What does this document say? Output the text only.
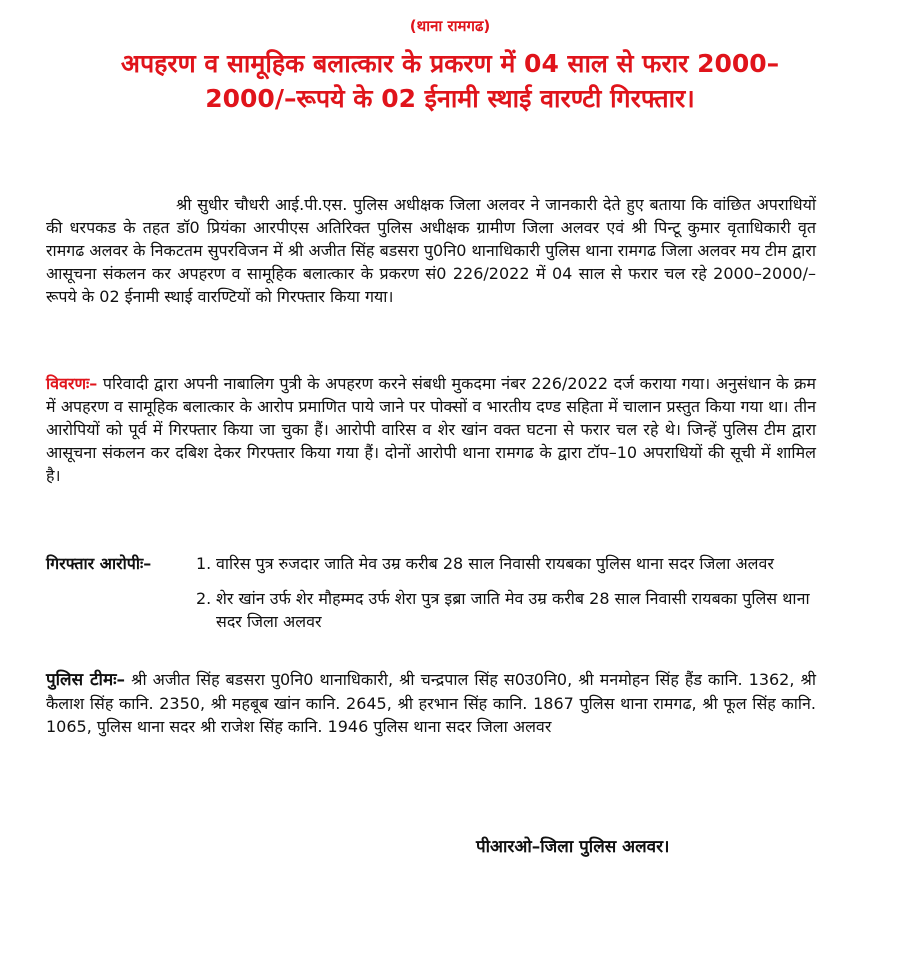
(थाना रामगढ)
अपहरण व सामूहिक बलात्कार के प्रकरण में 04 साल से फरार 2000–2000/–रूपये के 02 ईनामी स्थाई वारण्टी गिरफ्तार।

श्री सुधीर चौधरी आई.पी.एस. पुलिस अधीक्षक जिला अलवर ने जानकारी देते हुए बताया कि वांछित अपराधियों की धरपकड के तहत डॉ0 प्रियंका आरपीएस अतिरिक्त पुलिस अधीक्षक ग्रामीण जिला अलवर एवं श्री पिन्टू कुमार वृताधिकारी वृत रामगढ अलवर के निकटतम सुपरविजन में श्री अजीत सिंह बडसरा पु0नि0 थानाधिकारी पुलिस थाना रामगढ जिला अलवर मय टीम द्वारा आसूचना संकलन कर अपहरण व सामूहिक बलात्कार के प्रकरण सं0 226/2022 में 04 साल से फरार चल रहे 2000–2000/– रूपये के 02 ईनामी स्थाई वारण्टियों को गिरफ्तार किया गया।

विवरणः– परिवादी द्वारा अपनी नाबालिग पुत्री के अपहरण करने संबधी मुकदमा नंबर 226/2022 दर्ज कराया गया। अनुसंधान के क्रम में अपहरण व सामूहिक बलात्कार के आरोप प्रमाणित पाये जाने पर पोक्सों व भारतीय दण्ड सहिता में चालान प्रस्तुत किया गया था। तीन आरोपियों को पूर्व में गिरफ्तार किया जा चुका हैं। आरोपी वारिस व शेर खांन वक्त घटना से फरार चल रहे थे। जिन्हें पुलिस टीम द्वारा आसूचना संकलन कर दबिश देकर गिरफ्तार किया गया हैं। दोनों आरोपी थाना रामगढ के द्वारा टॉप–10 अपराधियों की सूची में शामिल है।

गिरफ्तार आरोपीः–	1. वारिस पुत्र रुजदार जाति मेव उम्र करीब 28 साल निवासी रायबका पुलिस थाना सदर जिला अलवर
2. शेर खांन उर्फ शेर मौहम्मद उर्फ शेरा पुत्र इब्रा जाति मेव उम्र करीब 28 साल निवासी रायबका पुलिस थाना सदर जिला अलवर

पुलिस टीमः– श्री अजीत सिंह बडसरा पु0नि0 थानाधिकारी, श्री चन्द्रपाल सिंह स0उ0नि0, श्री मनमोहन सिंह हैंड कानि. 1362, श्री कैलाश सिंह कानि. 2350, श्री महबूब खांन कानि. 2645, श्री हरभान सिंह कानि. 1867 पुलिस थाना रामगढ, श्री फूल सिंह कानि. 1065, पुलिस थाना सदर श्री राजेश सिंह कानि. 1946 पुलिस थाना सदर जिला अलवर

पीआरओ–जिला पुलिस अलवर।
